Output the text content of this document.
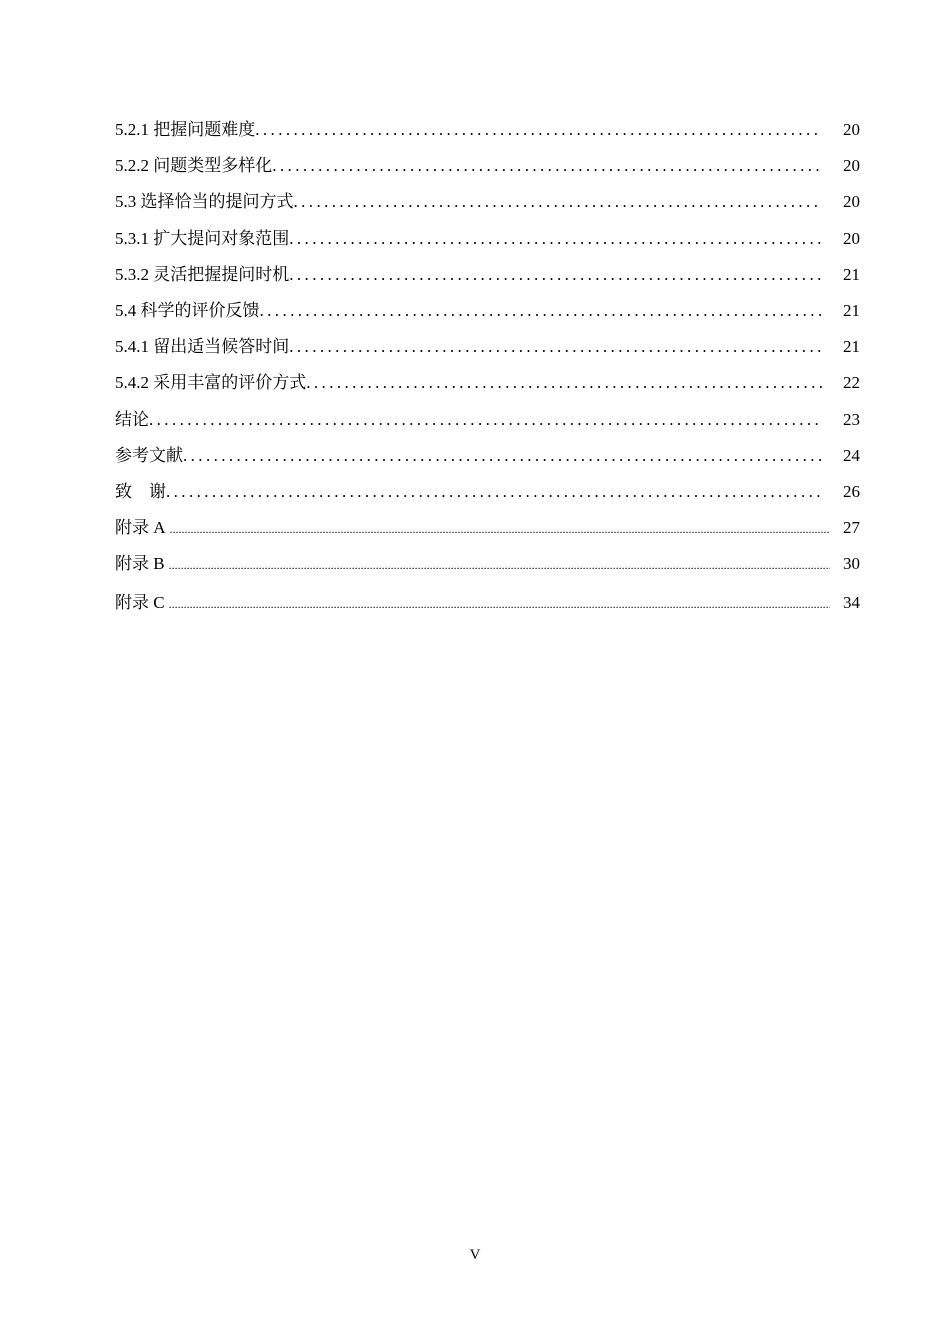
5.2.1 把握问题难度 .....	20
5.2.2 问题类型多样化 .....	20
5.3 选择恰当的提问方式 .....	20
5.3.1 扩大提问对象范围 .....	20
5.3.2 灵活把握提问时机 .....	21
5.4 科学的评价反馈 .....	21
5.4.1 留出适当候答时间 .....	21
5.4.2 采用丰富的评价方式 .....	22
结论 .....	23
参考文献 .....	24
致    谢 .....	26
附录 A .....	27
附录 B .....	30
附录 C .....	34
V
